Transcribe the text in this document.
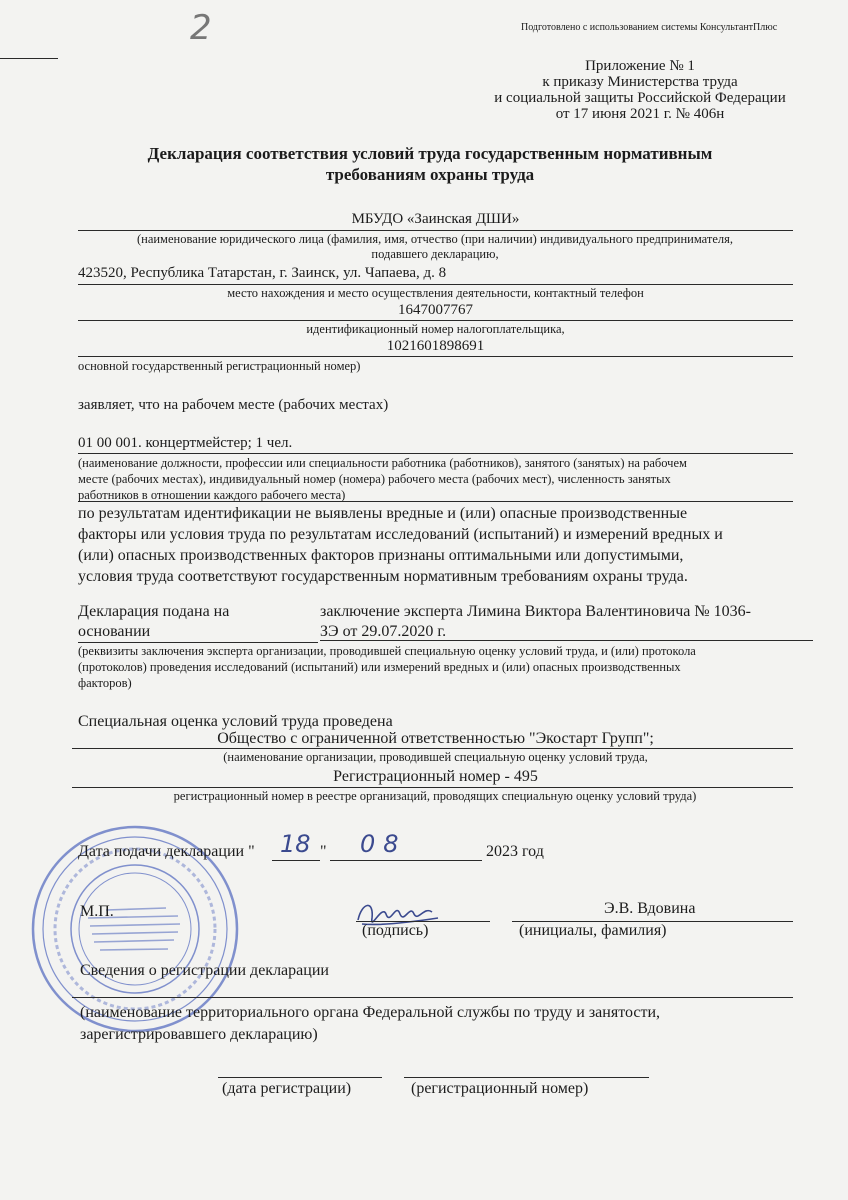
Подготовлено с использованием системы КонсультантПлюс
2
Приложение № 1
к приказу Министерства труда
и социальной защиты Российской Федерации
от 17 июня 2021 г. № 406н
Декларация соответствия условий труда государственным нормативным
требованиям охраны труда
МБУДО «Заинская ДШИ»
(наименование юридического лица (фамилия, имя, отчество (при наличии) индивидуального предпринимателя,
подавшего декларацию,
423520, Республика Татарстан, г. Заинск, ул. Чапаева, д. 8
место нахождения и место осуществления деятельности, контактный телефон
1647007767
идентификационный номер налогоплательщика,
1021601898691
основной государственный регистрационный номер)
заявляет, что на рабочем месте (рабочих местах)
01 00 001. концертмейстер; 1 чел.
(наименование должности, профессии или специальности работника (работников), занятого (занятых) на рабочем
месте (рабочих местах), индивидуальный номер (номера) рабочего места (рабочих мест), численность занятых
работников в отношении каждого рабочего места)
по результатам идентификации не выявлены вредные и (или) опасные производственные
факторы или условия труда по результатам исследований (испытаний) и измерений вредных и
(или) опасных производственных факторов признаны оптимальными или допустимыми,
условия труда соответствуют государственным нормативным требованиям охраны труда.
Декларация подана на
основании
заключение эксперта Лимина Виктора Валентиновича № 1036-
ЗЭ от 29.07.2020 г.
(реквизиты заключения эксперта организации, проводившей специальную оценку условий труда, и (или) протокола
(протоколов) проведения исследований (испытаний) или измерений вредных и (или) опасных производственных
факторов)
Специальная оценка условий труда проведена
Общество с ограниченной ответственностью "Экостарт Групп";
(наименование организации, проводившей специальную оценку условий труда,
Регистрационный номер - 495
регистрационный номер в реестре организаций, проводящих специальную оценку условий труда)
Дата подачи декларации " 18 " 08	2023 год
М.П.	Э.В. Вдовина
(подпись)	(инициалы, фамилия)
Сведения о регистрации декларации
(наименование территориального органа Федеральной службы по труду и занятости,
зарегистрировавшего декларацию)
(дата регистрации)	(регистрационный номер)
